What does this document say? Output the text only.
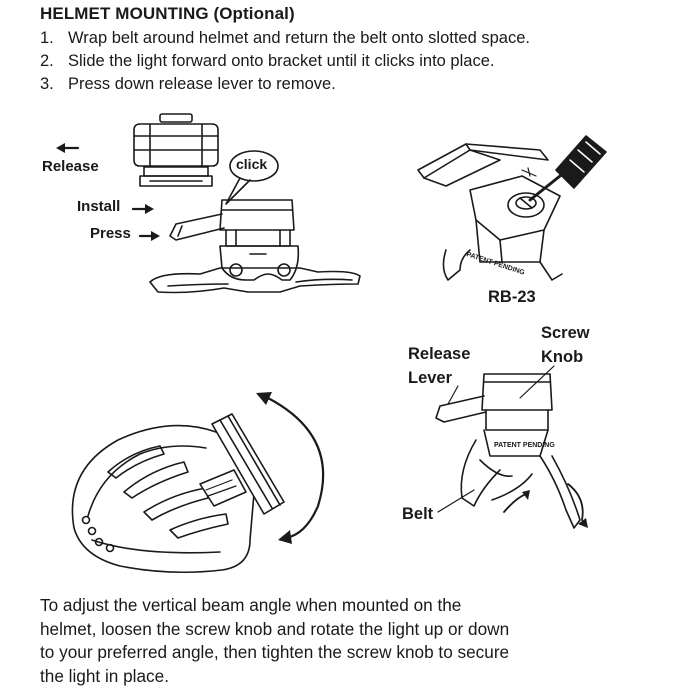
HELMET MOUNTING (Optional)
1. Wrap belt around helmet and return the belt onto slotted space.
2. Slide the light forward onto bracket until it clicks into place.
3. Press down release lever to remove.
Release
Install
Press
click
PATENT PENDING
RB-23
PATENT PENDING
Release
Lever
Screw
Knob
Belt

To adjust the vertical beam angle when mounted on the

helmet, loosen the screw knob and rotate the light up or down

to your preferred angle, then tighten the screw knob to secure

the light in place.
